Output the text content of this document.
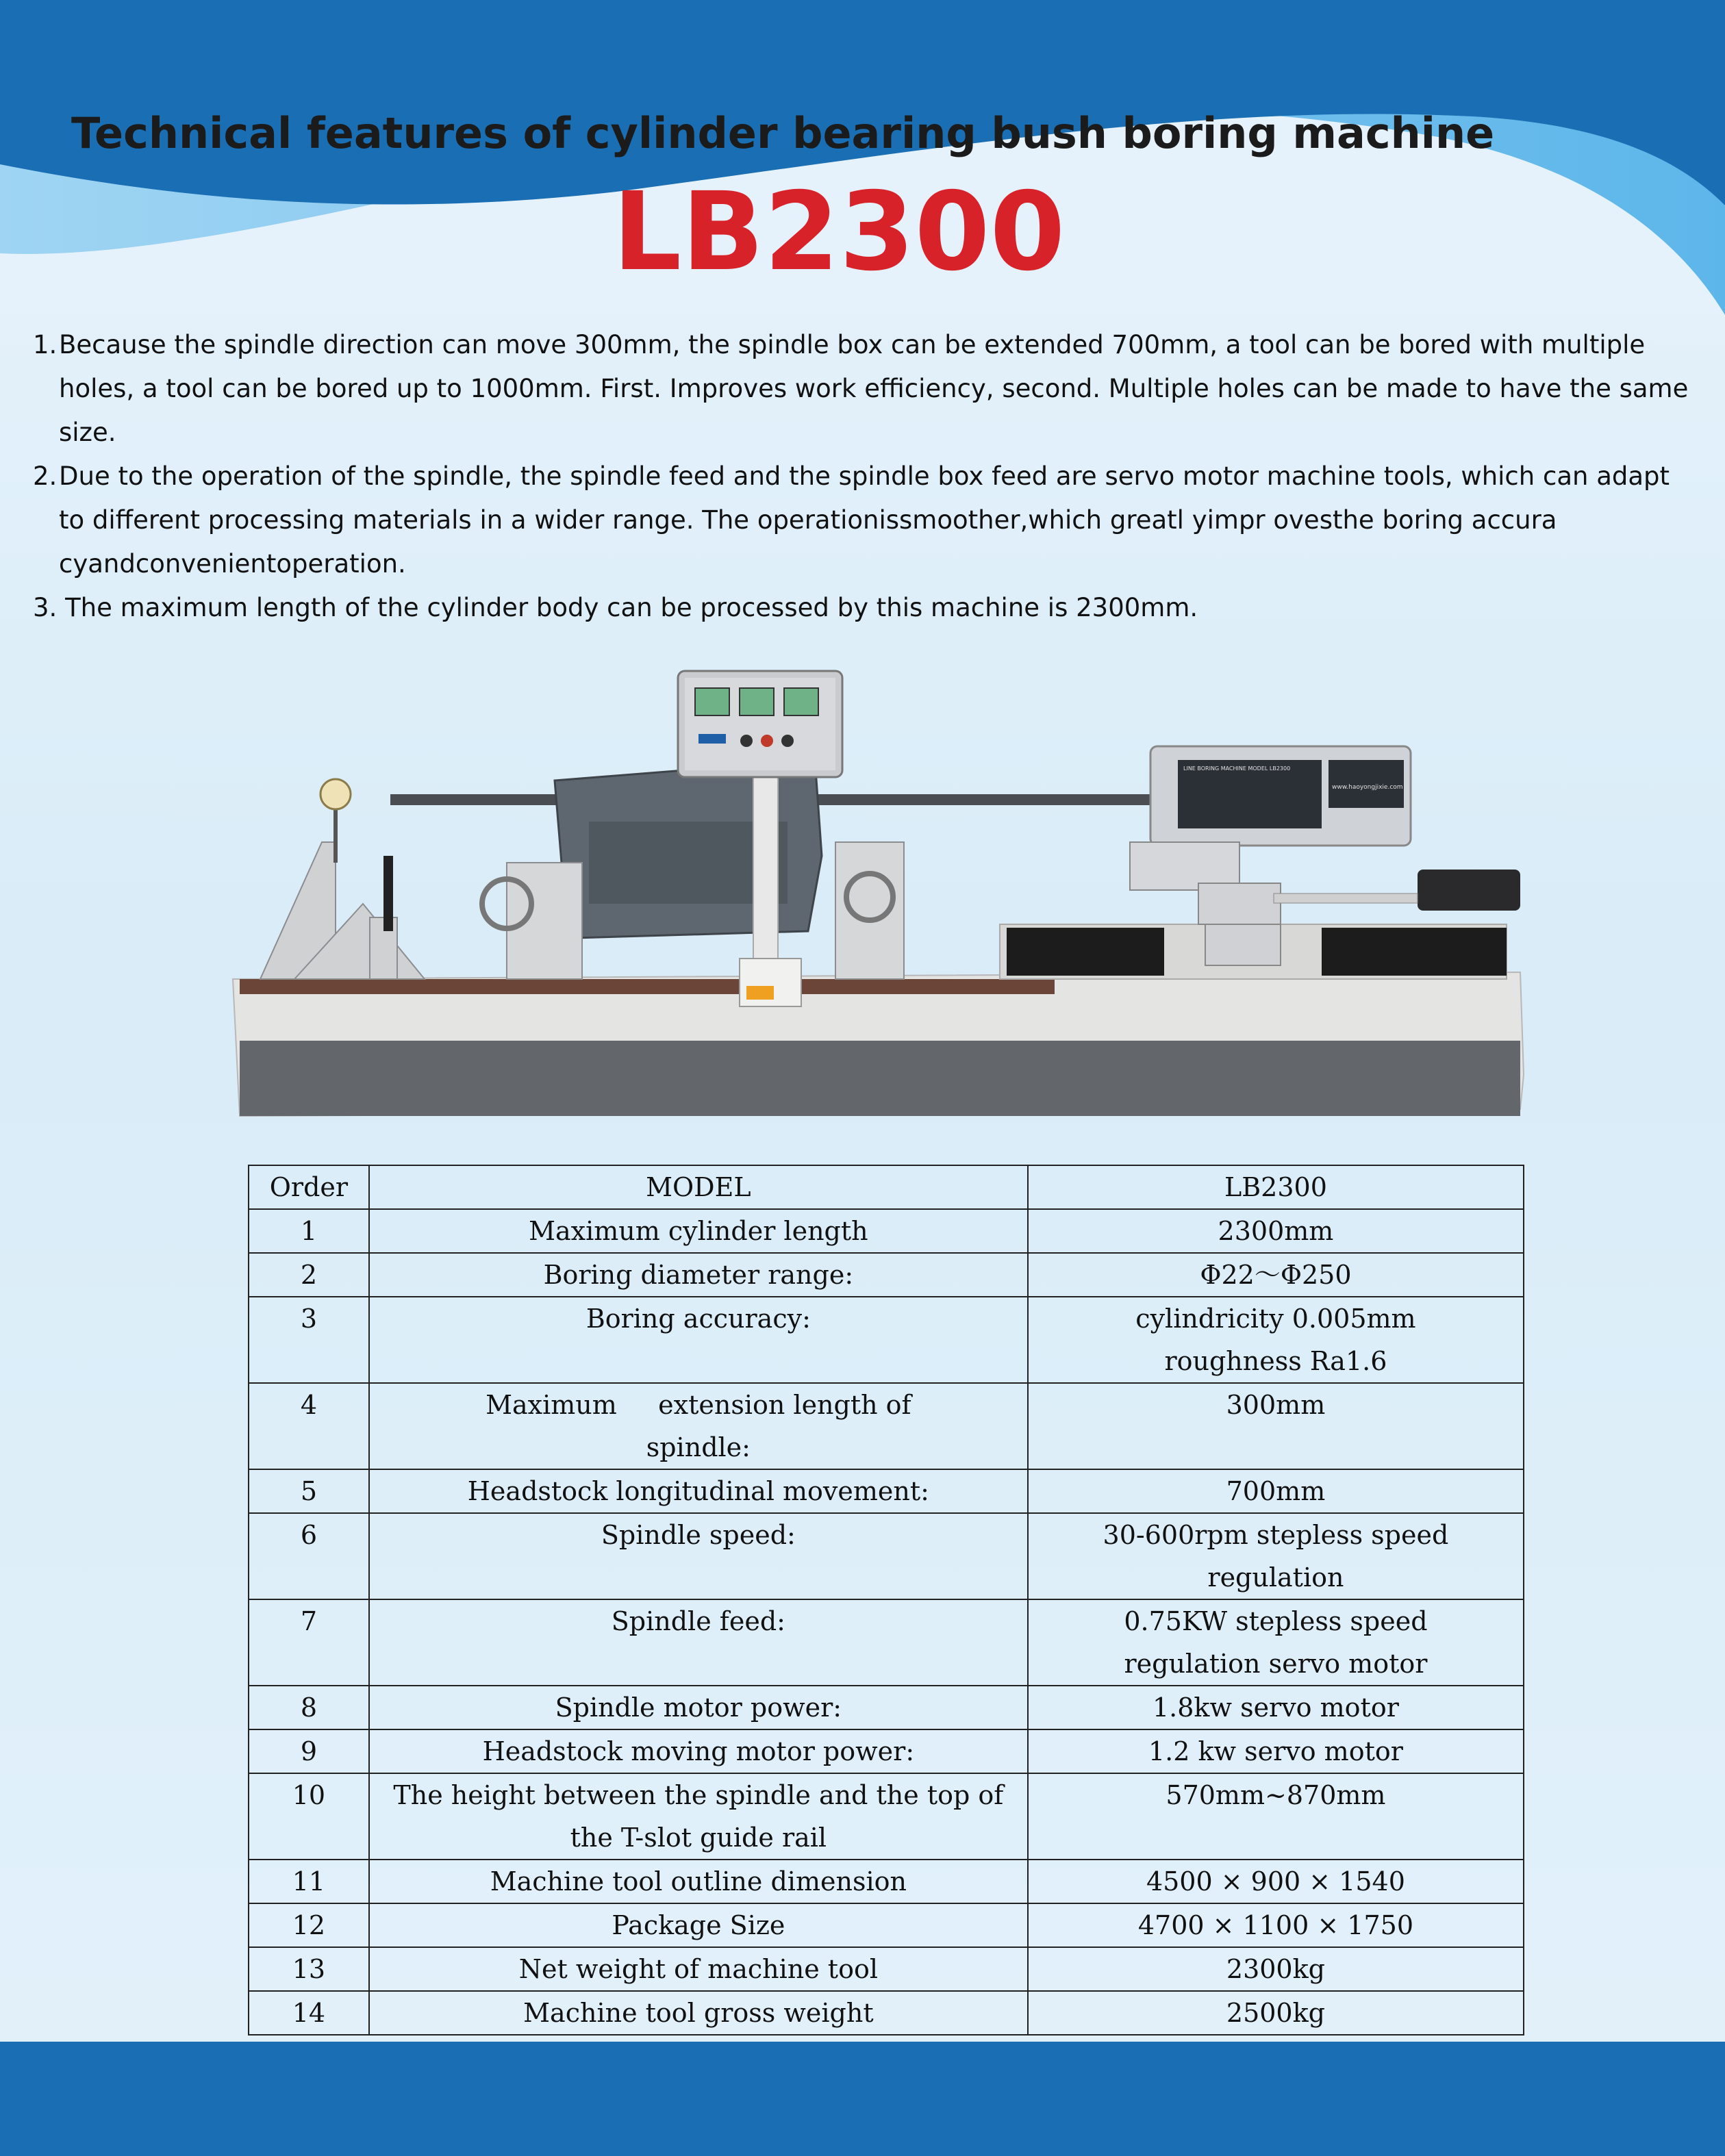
Technical features of cylinder bearing bush boring machine
LB2300
1. Because the spindle direction can move 300mm, the spindle box can be extended 700mm, a tool can be bored with multiple holes, a tool can be bored up to 1000mm. First. Improves work efficiency, second. Multiple holes can be made to have the same size.
2. Due to the operation of the spindle, the spindle feed and the spindle box feed are servo motor machine tools, which can adapt to different processing materials in a wider range. The operationissmoother,which greatl yimpr ovesthe boring accura cyandconvenientoperation.
3. The maximum length of the cylinder body can be processed by this machine is 2300mm.
LINE BORING MACHINE MODEL LB2300
www.haoyongjixie.com
Order	MODEL	LB2300
1	Maximum cylinder length	2300mm
2	Boring diameter range:	Φ22～Φ250
3	Boring accuracy:	cylindricity 0.005mm roughness Ra1.6
4	Maximum     extension length of spindle:	300mm
5	Headstock longitudinal movement:	700mm
6	Spindle speed:	30-600rpm stepless speed regulation
7	Spindle feed:	0.75KW stepless speed regulation servo motor
8	Spindle motor power:	1.8kw servo motor
9	Headstock moving motor power:	1.2 kw servo motor
10	The height between the spindle and the top of the T-slot guide rail	570mm~870mm
11	Machine tool outline dimension	4500 × 900 × 1540
12	Package Size	4700 × 1100 × 1750
13	Net weight of machine tool	2300kg
14	Machine tool gross weight	2500kg
